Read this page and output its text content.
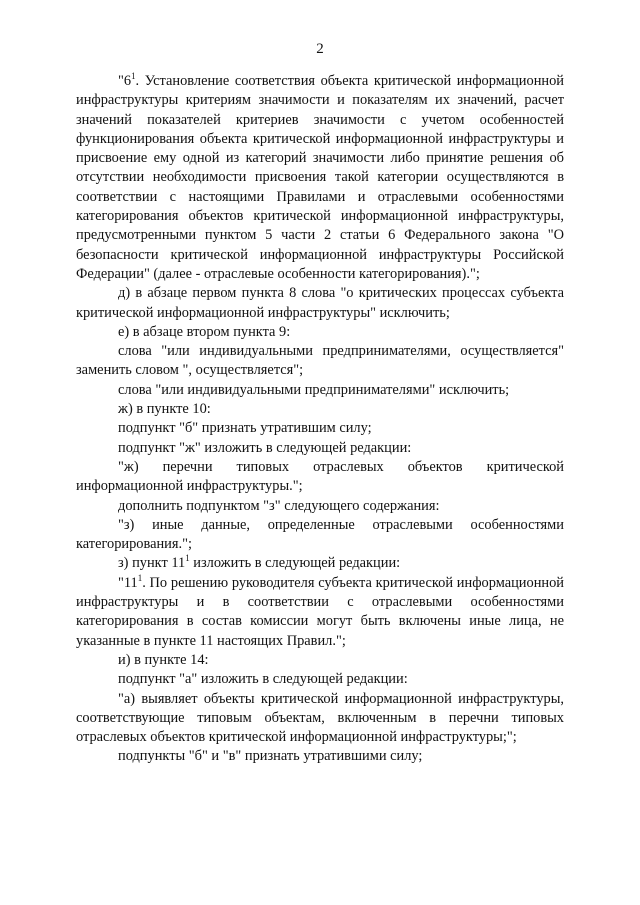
2

"$6^1$. Установление соответствия объекта критической информационной инфраструктуры критериям значимости и показателям их значений, расчет значений показателей критериев значимости с учетом особенностей функционирования объекта критической информационной инфраструктуры и присвоение ему одной из категорий значимости либо принятие решения об отсутствии необходимости присвоения такой категории осуществляются в соответствии с настоящими Правилами и отраслевыми особенностями категорирования объектов критической информационной инфраструктуры, предусмотренными пунктом 5 части 2 статьи 6 Федерального закона "О безопасности критической информационной инфраструктуры Российской Федерации" (далее - отраслевые особенности категорирования).";

д) в абзаце первом пункта 8 слова "о критических процессах субъекта критической информационной инфраструктуры" исключить;

е) в абзаце втором пункта 9:

слова "или индивидуальными предпринимателями, осуществляется" заменить словом ", осуществляется";

слова "или индивидуальными предпринимателями" исключить;

ж) в пункте 10:

подпункт "б" признать утратившим силу;

подпункт "ж" изложить в следующей редакции:

"ж) перечни типовых отраслевых объектов критической информационной инфраструктуры.";

дополнить подпунктом "з" следующего содержания:

"з) иные данные, определенные отраслевыми особенностями категорирования.";

з) пункт $11^1$ изложить в следующей редакции:

"$11^1$. По решению руководителя субъекта критической информационной инфраструктуры и в соответствии с отраслевыми особенностями категорирования в состав комиссии могут быть включены иные лица, не указанные в пункте 11 настоящих Правил.";

и) в пункте 14:

подпункт "а" изложить в следующей редакции:

"а) выявляет объекты критической информационной инфраструктуры, соответствующие типовым объектам, включенным в перечни типовых отраслевых объектов критической информационной инфраструктуры;";

подпункты "б" и "в" признать утратившими силу;
